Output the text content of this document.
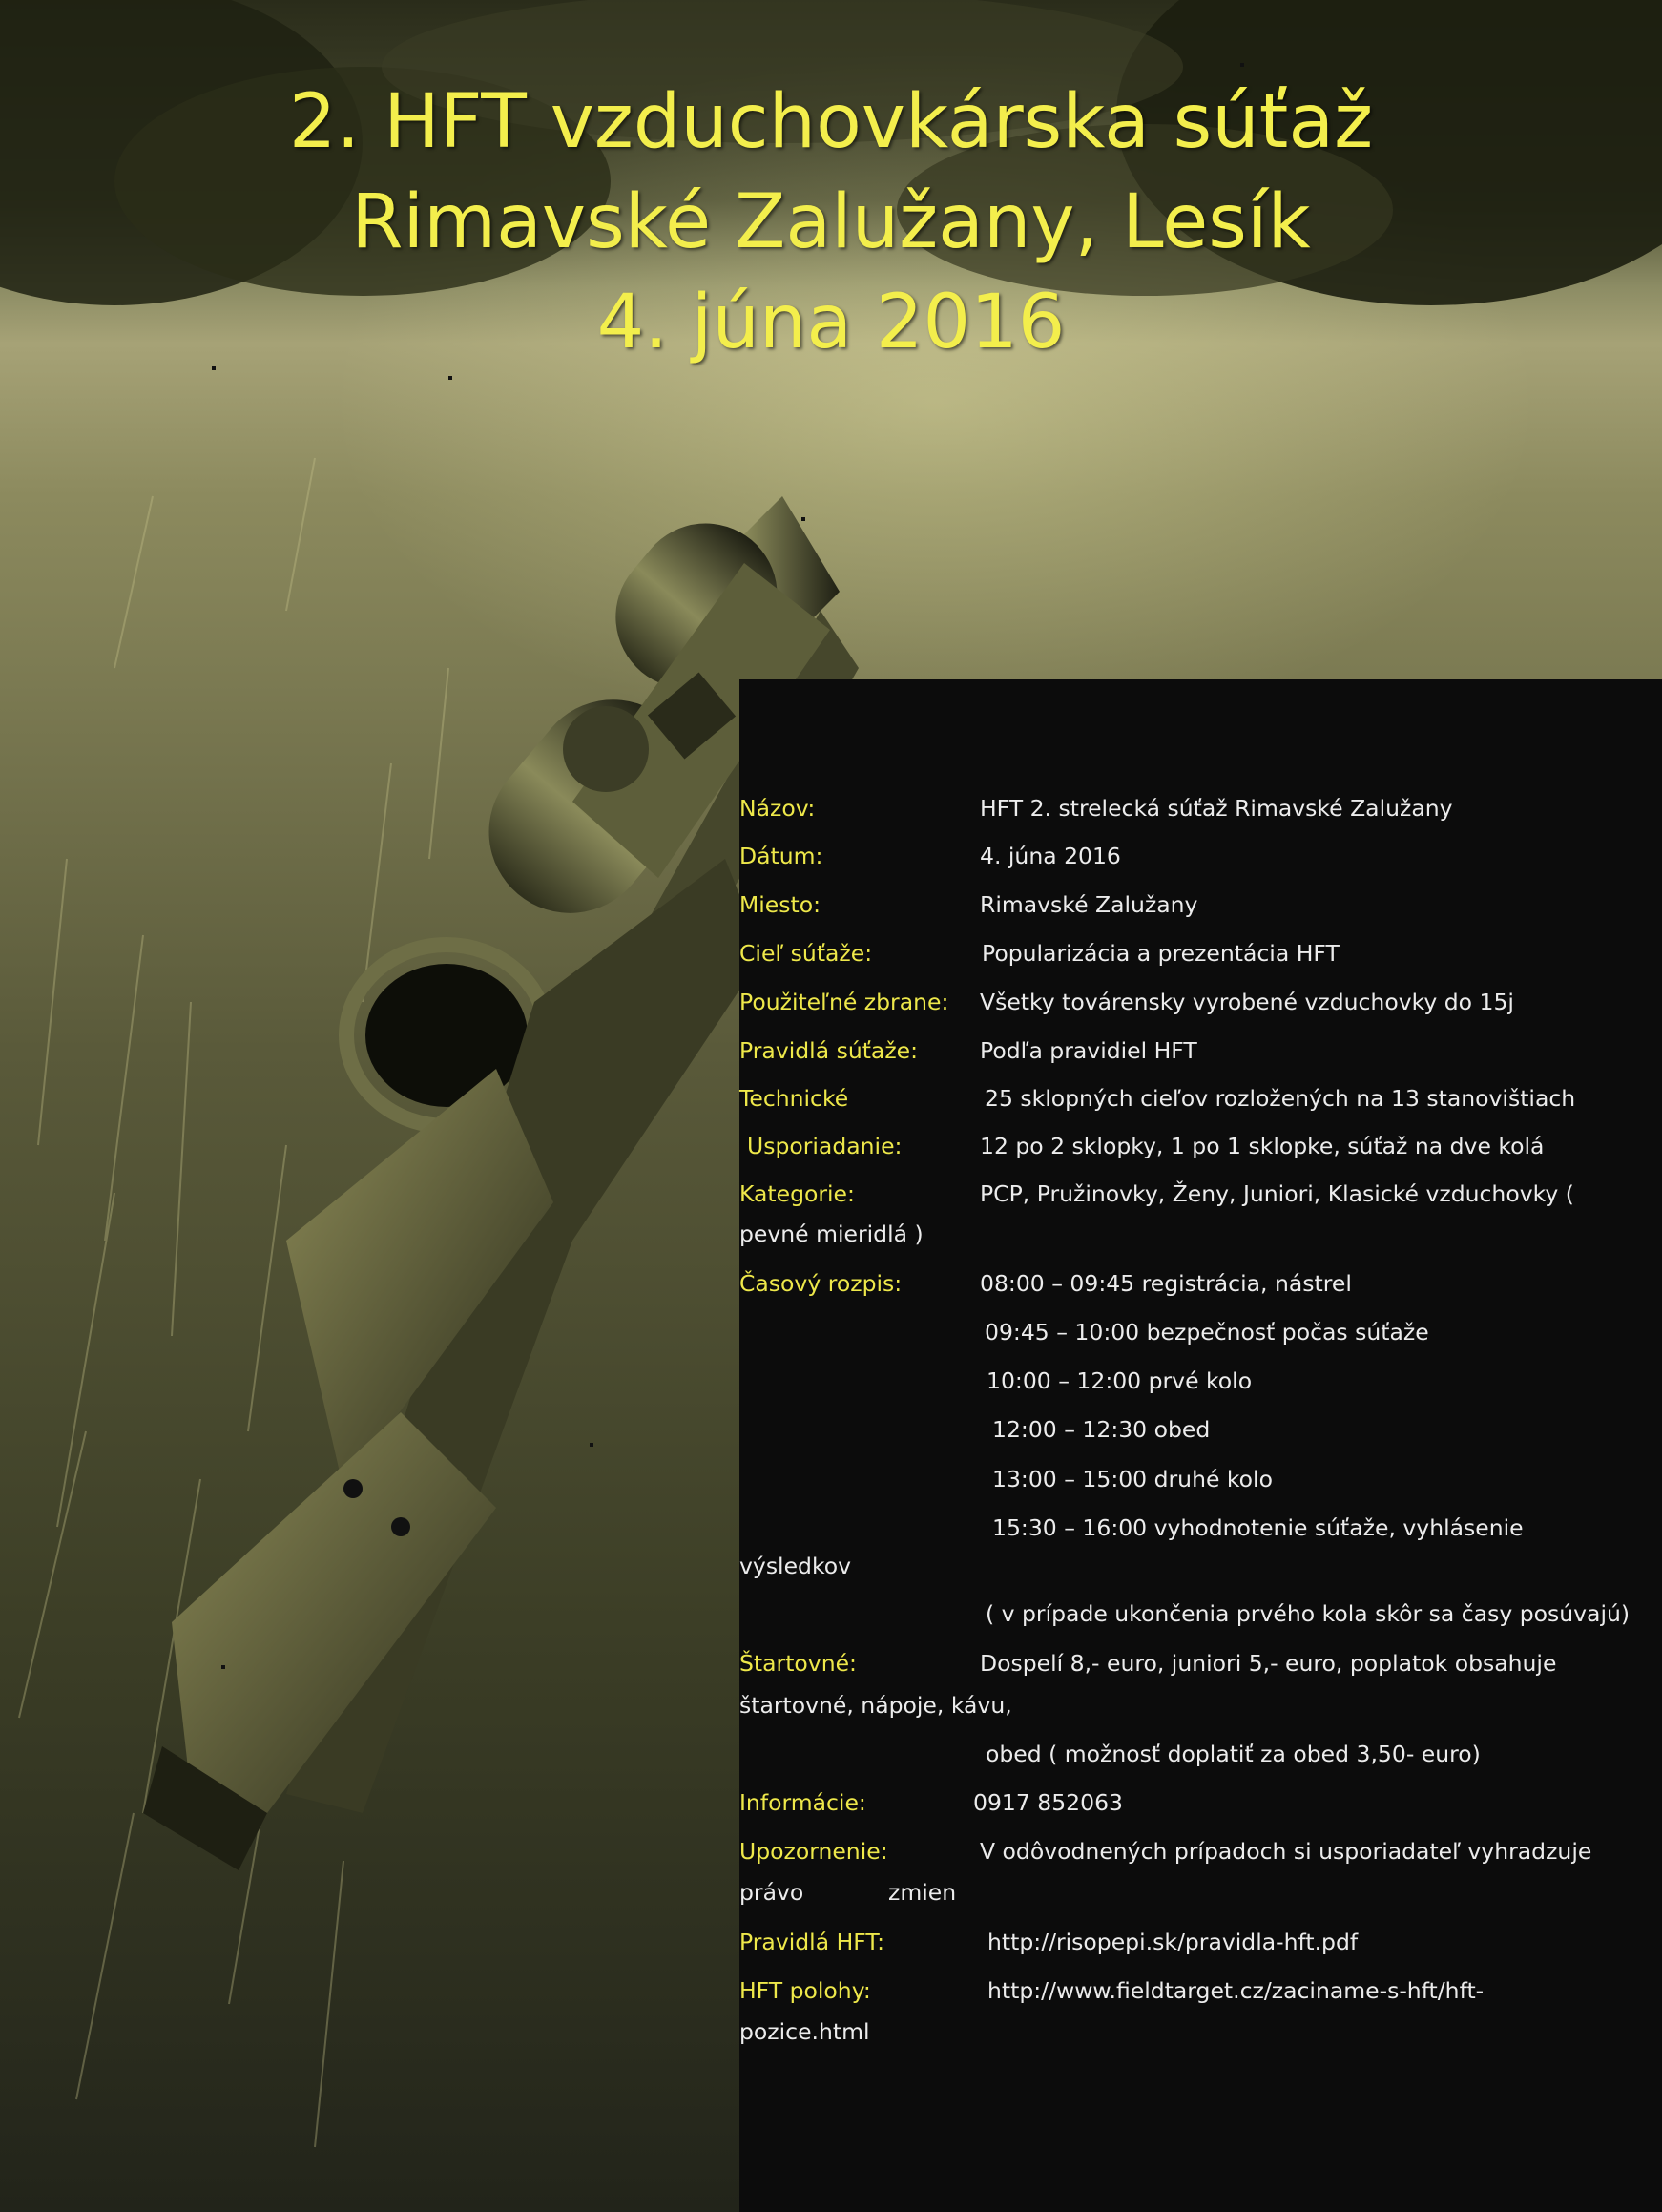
2. HFT vzduchovkárska súťaž
Rimavské Zalužany, Lesík
4. júna 2016
Názov:	HFT 2. strelecká súťaž Rimavské Zalužany
Dátum:	4. júna 2016
Miesto:	Rimavské Zalužany
Cieľ súťaže:	Popularizácia a prezentácia HFT
Použiteľné zbrane: Všetky továrensky vyrobené vzduchovky do 15j
Pravidlá súťaže:	Podľa pravidiel HFT
Technické	25 sklopných cieľov rozložených na 13 stanovištiach
Usporiadanie:	12 po 2 sklopky, 1 po 1 sklopke, súťaž na dve kolá
Kategorie:	PCP, Pružinovky, Ženy, Juniori, Klasické vzduchovky (
pevné mieridlá )
Časový rozpis:	08:00 – 09:45 registrácia, nástrel
09:45 – 10:00 bezpečnosť počas súťaže
10:00 – 12:00 prvé kolo
12:00 – 12:30 obed
13:00 – 15:00 druhé kolo
15:30 – 16:00 vyhodnotenie súťaže, vyhlásenie
výsledkov
( v prípade ukončenia prvého kola skôr sa časy posúvajú)
Štartovné:	Dospelí 8,- euro, juniori 5,- euro, poplatok obsahuje
štartovné, nápoje, kávu,
obed ( možnosť doplatiť za obed 3,50- euro)
Informácie:	0917 852063
Upozornenie:	V odôvodnených prípadoch si usporiadateľ vyhradzuje
právo	zmien
Pravidlá HFT:	http://risopepi.sk/pravidla-hft.pdf
HFT polohy:	http://www.fieldtarget.cz/zaciname-s-hft/hft-
pozice.html
